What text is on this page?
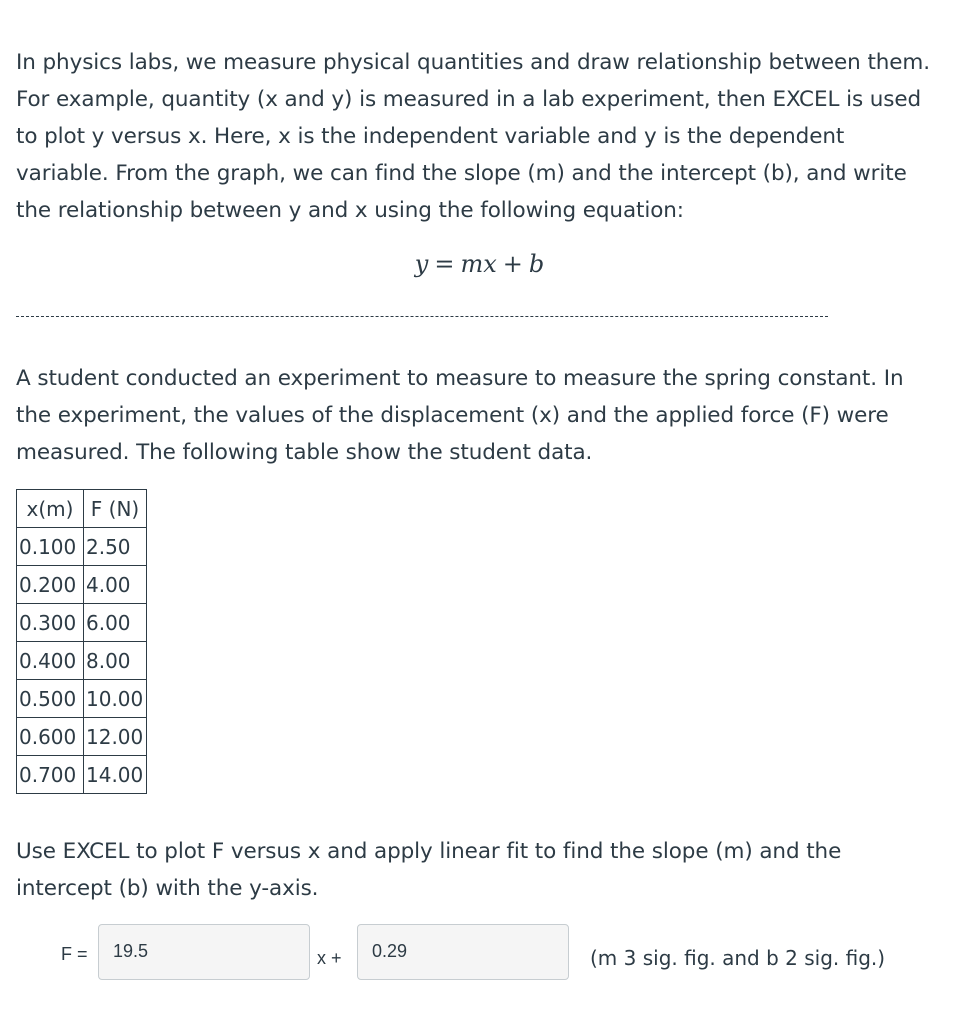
In physics labs, we measure physical quantities and draw relationship between them. For example, quantity (x and y) is measured in a lab experiment, then EXCEL is used to plot y versus x. Here, x is the independent variable and y is the dependent variable. From the graph, we can find the slope (m) and the intercept (b), and write the relationship between y and x using the following equation:

y = mx + b

A student conducted an experiment to measure to measure the spring constant. In the experiment, the values of the displacement (x) and the applied force (F) were measured. The following table show the student data.

x(m)	F (N)
0.100	2.50
0.200	4.00
0.300	6.00
0.400	8.00
0.500	10.00
0.600	12.00
0.700	14.00

Use EXCEL to plot F versus x and apply linear fit to find the slope (m) and the intercept (b) with the y-axis.

F =	19.5	x +	0.29	(m 3 sig. fig. and b 2 sig. fig.)
